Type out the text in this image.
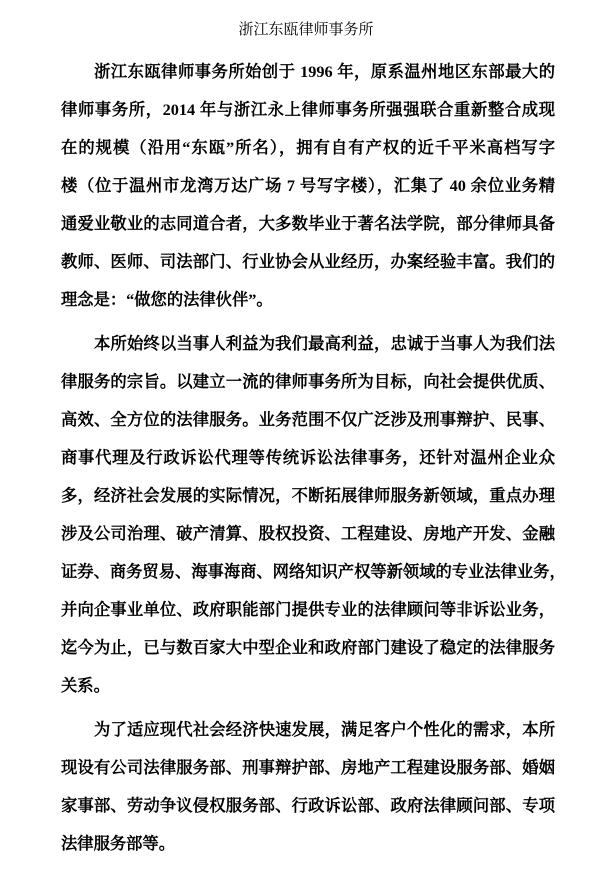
浙江东瓯律师事务所
浙江东瓯律师事务所始创于 1996 年，原系温州地区东部最大的
律师事务所，2014 年与浙江永上律师事务所强强联合重新整合成现
在的规模（沿用“东瓯”所名），拥有自有产权的近千平米高档写字
楼（位于温州市龙湾万达广场 7 号写字楼），汇集了 40 余位业务精
通爱业敬业的志同道合者，大多数毕业于著名法学院，部分律师具备
教师、医师、司法部门、行业协会从业经历，办案经验丰富。我们的
理念是：“做您的法律伙伴”。
本所始终以当事人利益为我们最高利益，忠诚于当事人为我们法
律服务的宗旨。以建立一流的律师事务所为目标，向社会提供优质、
高效、全方位的法律服务。业务范围不仅广泛涉及刑事辩护、民事、
商事代理及行政诉讼代理等传统诉讼法律事务，还针对温州企业众
多，经济社会发展的实际情况，不断拓展律师服务新领域，重点办理
涉及公司治理、破产清算、股权投资、工程建设、房地产开发、金融
证券、商务贸易、海事海商、网络知识产权等新领域的专业法律业务，
并向企事业单位、政府职能部门提供专业的法律顾问等非诉讼业务，
迄今为止，已与数百家大中型企业和政府部门建设了稳定的法律服务
关系。
为了适应现代社会经济快速发展，满足客户个性化的需求，本所
现设有公司法律服务部、刑事辩护部、房地产工程建设服务部、婚姻
家事部、劳动争议侵权服务部、行政诉讼部、政府法律顾问部、专项
法律服务部等。
